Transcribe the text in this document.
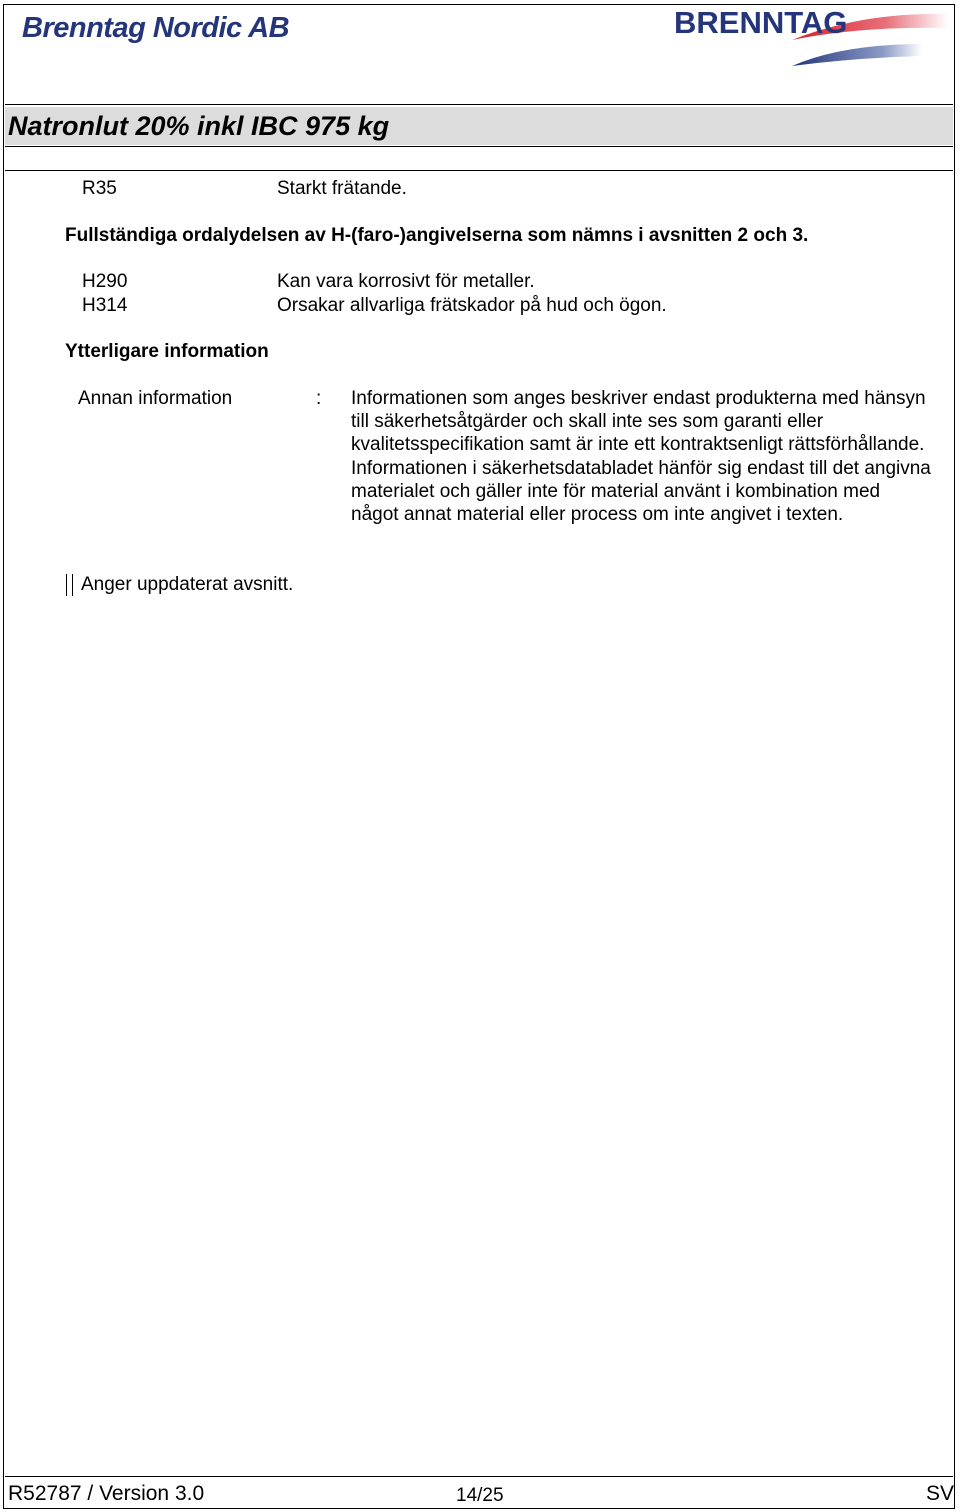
Brenntag Nordic AB	BRENNTAG
Natronlut 20% inkl IBC 975 kg
R35	Starkt frätande.
Fullständiga ordalydelsen av H-(faro-)angivelserna som nämns i avsnitten 2 och 3.
H290	Kan vara korrosivt för metaller.
H314	Orsakar allvarliga frätskador på hud och ögon.
Ytterligare information
Annan information	: Informationen som anges beskriver endast produkterna med hänsyn till säkerhetsåtgärder och skall inte ses som garanti eller kvalitetsspecifikation samt är inte ett kontraktsenligt rättsförhållande. Informationen i säkerhetsdatabladet hänför sig endast till det angivna materialet och gäller inte för material använt i kombination med något annat material eller process om inte angivet i texten.
Anger uppdaterat avsnitt.
R52787 / Version 3.0	14/25	SV
